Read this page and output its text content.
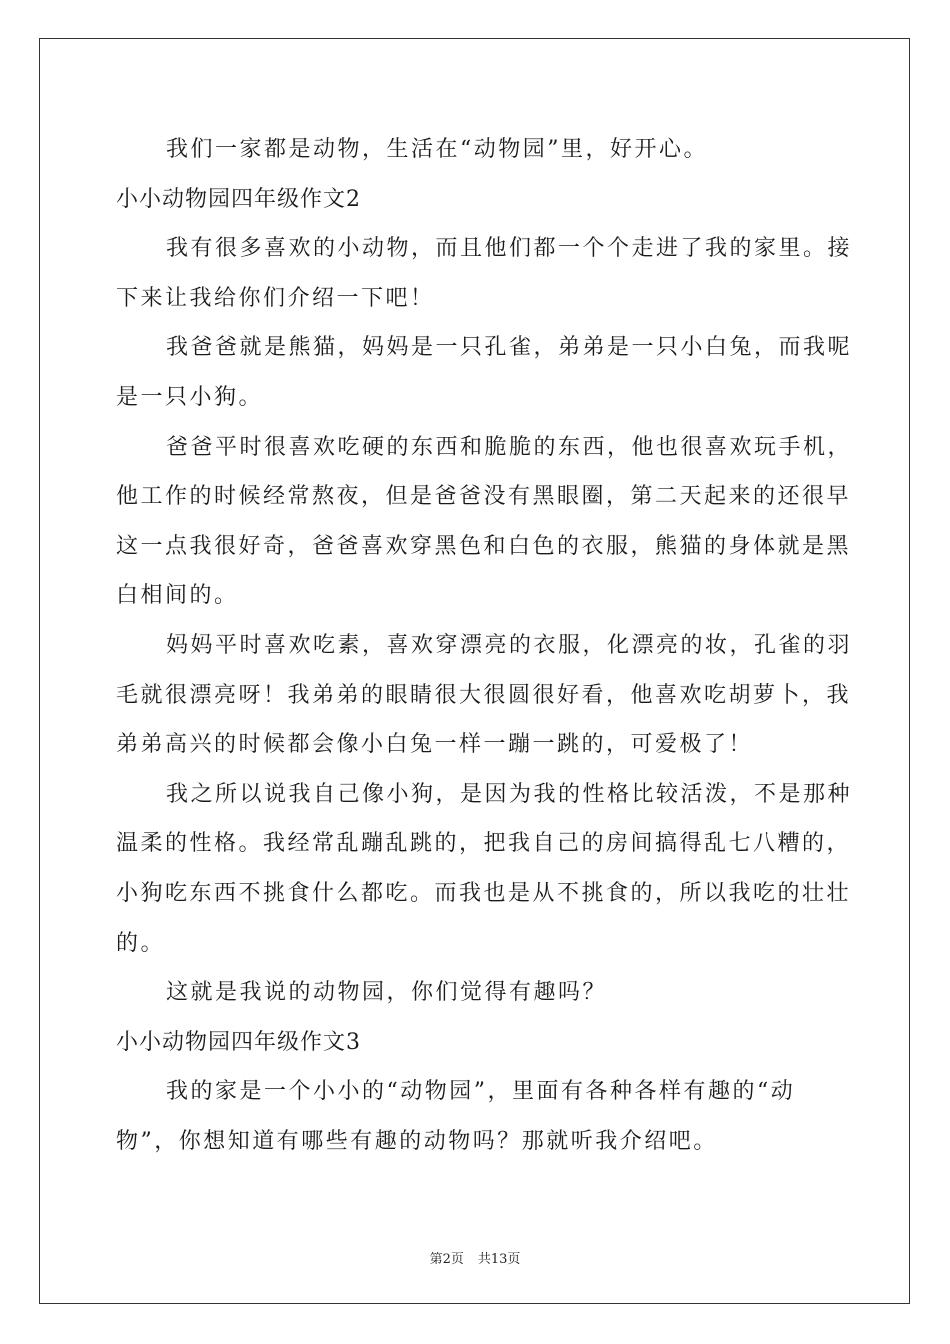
我们一家都是动物，生活在“动物园”里，好开心。
小小动物园四年级作文2
我有很多喜欢的小动物，而且他们都一个个走进了我的家里。接
下来让我给你们介绍一下吧！
我爸爸就是熊猫，妈妈是一只孔雀，弟弟是一只小白兔，而我呢
是一只小狗。
爸爸平时很喜欢吃硬的东西和脆脆的东西，他也很喜欢玩手机，
他工作的时候经常熬夜，但是爸爸没有黑眼圈，第二天起来的还很早
这一点我很好奇，爸爸喜欢穿黑色和白色的衣服，熊猫的身体就是黑
白相间的。
妈妈平时喜欢吃素，喜欢穿漂亮的衣服，化漂亮的妆，孔雀的羽
毛就很漂亮呀！我弟弟的眼睛很大很圆很好看，他喜欢吃胡萝卜，我
弟弟高兴的时候都会像小白兔一样一蹦一跳的，可爱极了！
我之所以说我自己像小狗，是因为我的性格比较活泼，不是那种
温柔的性格。我经常乱蹦乱跳的，把我自己的房间搞得乱七八糟的，
小狗吃东西不挑食什么都吃。而我也是从不挑食的，所以我吃的壮壮
的。
这就是我说的动物园，你们觉得有趣吗？
小小动物园四年级作文3
我的家是一个小小的“动物园”，里面有各种各样有趣的“动
物”，你想知道有哪些有趣的动物吗？那就听我介绍吧。
第2页 共13页
